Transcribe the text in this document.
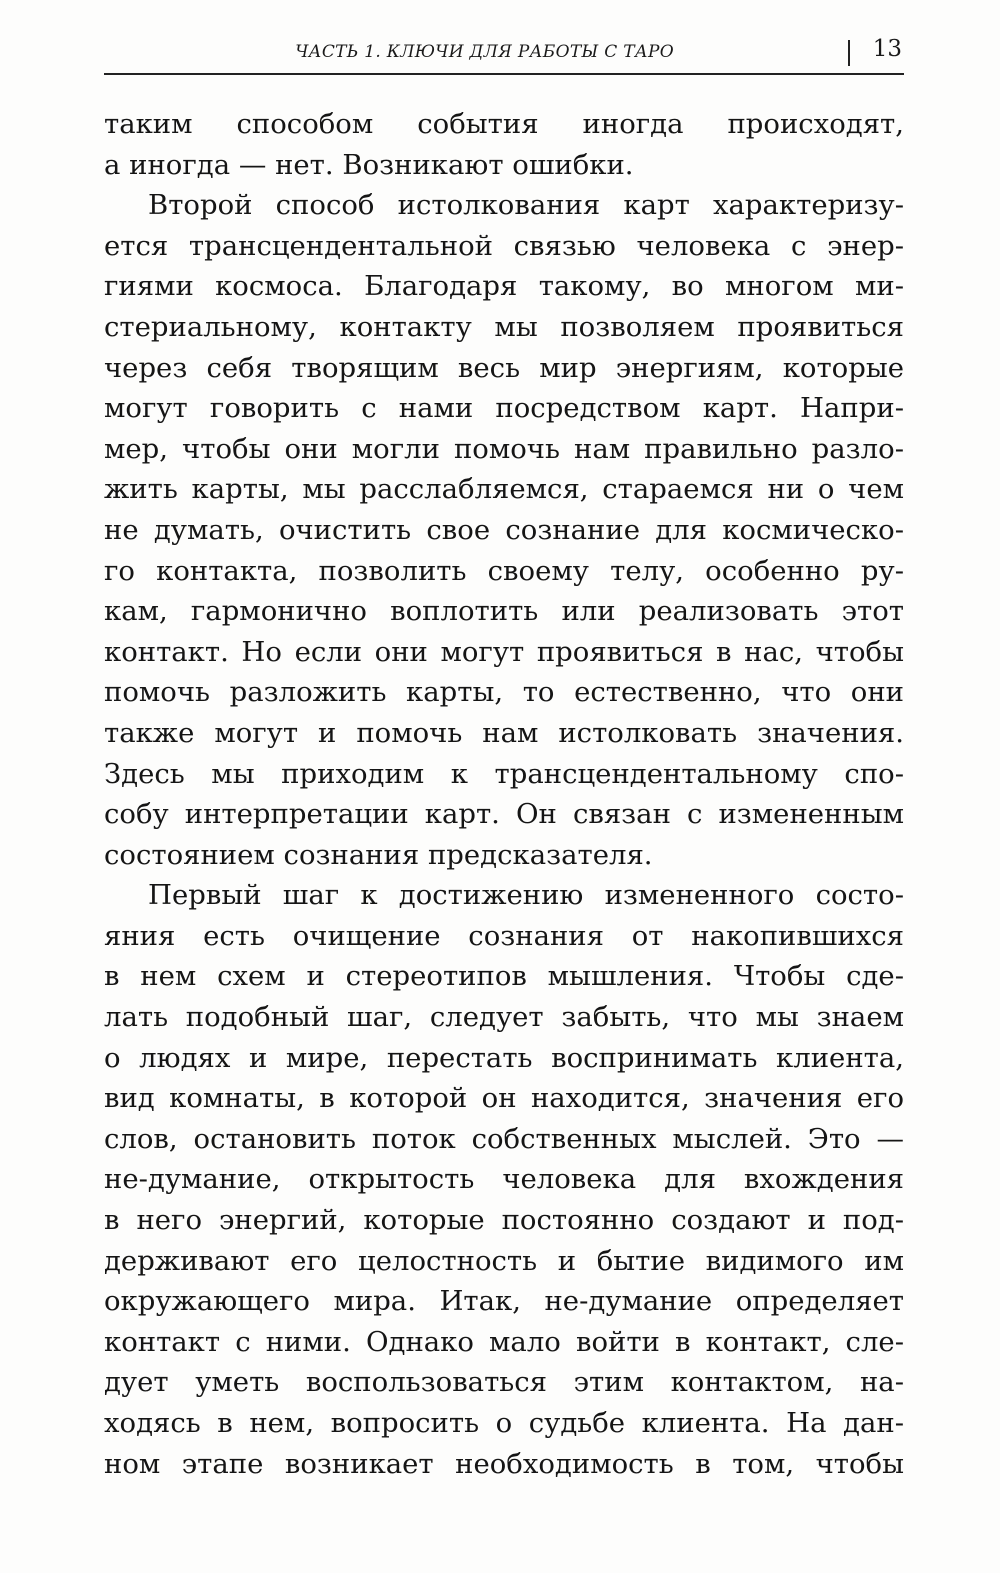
ЧАСТЬ 1. КЛЮЧИ ДЛЯ РАБОТЫ С ТАРО	13

таким способом события иногда происходят,
а иногда — нет. Возникают ошибки.

Второй способ истолкования карт характеризу-
ется трансцендентальной связью человека с энер-
гиями космоса. Благодаря такому, во многом ми-
стериальному, контакту мы позволяем проявиться
через себя творящим весь мир энергиям, которые
могут говорить с нами посредством карт. Напри-
мер, чтобы они могли помочь нам правильно разло-
жить карты, мы расслабляемся, стараемся ни о чем
не думать, очистить свое сознание для космическо-
го контакта, позволить своему телу, особенно ру-
кам, гармонично воплотить или реализовать этот
контакт. Но если они могут проявиться в нас, чтобы
помочь разложить карты, то естественно, что они
также могут и помочь нам истолковать значения.
Здесь мы приходим к трансцендентальному спо-
собу интерпретации карт. Он связан с измененным
состоянием сознания предсказателя.

Первый шаг к достижению измененного состо-
яния есть очищение сознания от накопившихся
в нем схем и стереотипов мышления. Чтобы сде-
лать подобный шаг, следует забыть, что мы знаем
о людях и мире, перестать воспринимать клиента,
вид комнаты, в которой он находится, значения его
слов, остановить поток собственных мыслей. Это —
не-думание, открытость человека для вхождения
в него энергий, которые постоянно создают и под-
держивают его целостность и бытие видимого им
окружающего мира. Итак, не-думание определяет
контакт с ними. Однако мало войти в контакт, сле-
дует уметь воспользоваться этим контактом, на-
ходясь в нем, вопросить о судьбе клиента. На дан-
ном этапе возникает необходимость в том, чтобы
